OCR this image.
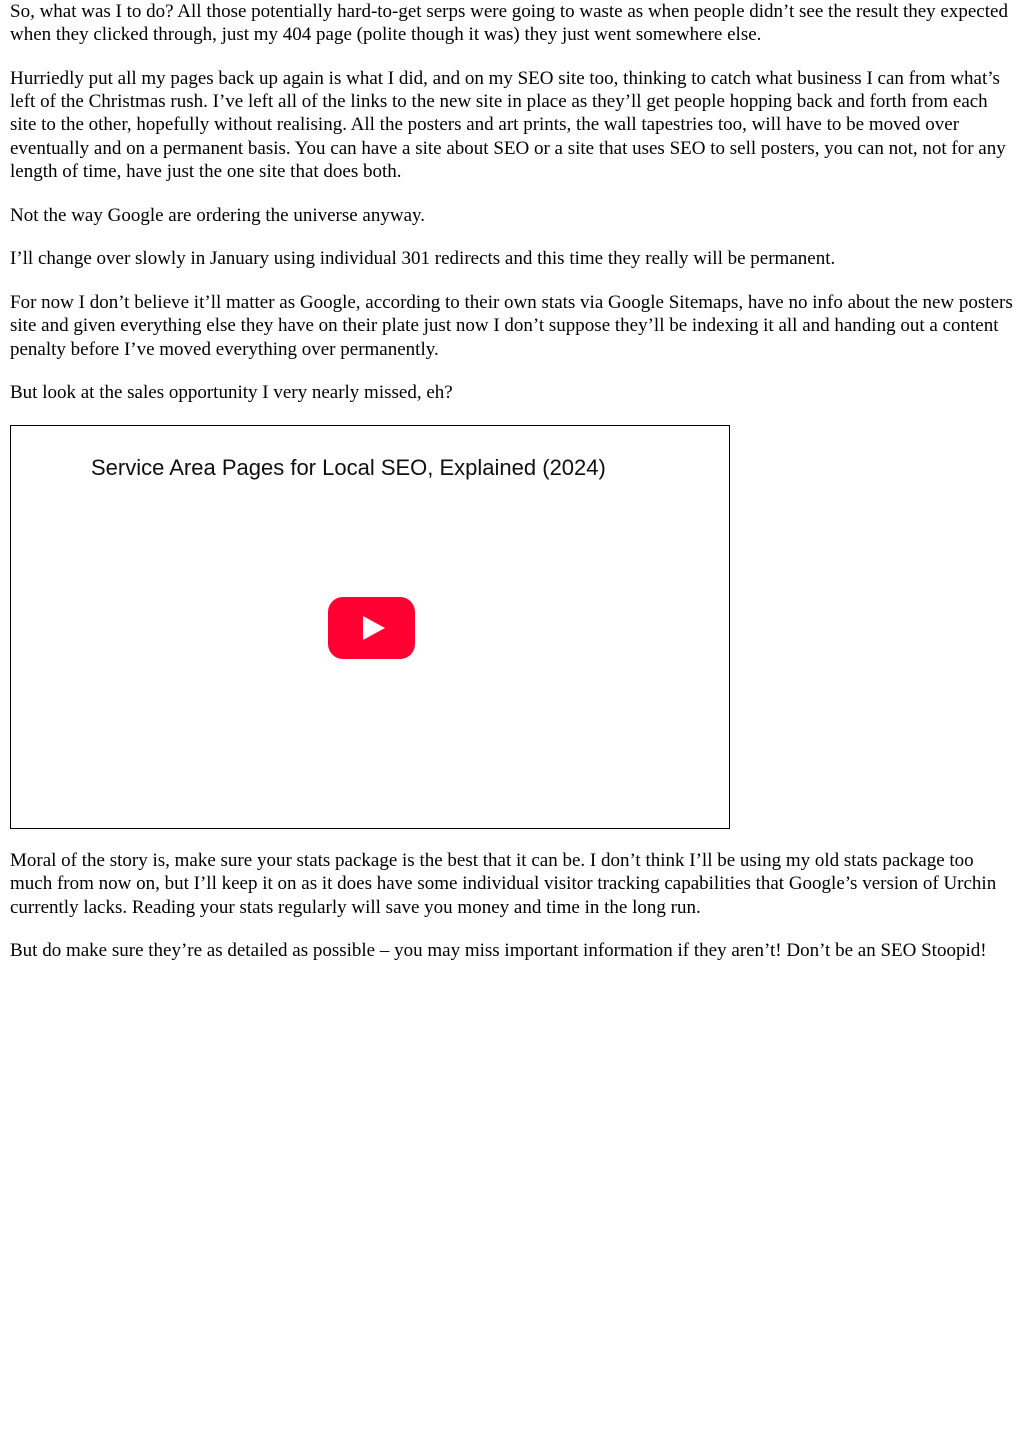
So, what was I to do? All those potentially hard-to-get serps were going to waste as when people didn’t see the result they expected when they clicked through, just my 404 page (polite though it was) they just went somewhere else.

Hurriedly put all my pages back up again is what I did, and on my SEO site too, thinking to catch what business I can from what’s left of the Christmas rush. I’ve left all of the links to the new site in place as they’ll get people hopping back and forth from each site to the other, hopefully without realising. All the posters and art prints, the wall tapestries too, will have to be moved over eventually and on a permanent basis. You can have a site about SEO or a site that uses SEO to sell posters, you can not, not for any length of time, have just the one site that does both.

Not the way Google are ordering the universe anyway.

I’ll change over slowly in January using individual 301 redirects and this time they really will be permanent.

For now I don’t believe it’ll matter as Google, according to their own stats via Google Sitemaps, have no info about the new posters site and given everything else they have on their plate just now I don’t suppose they’ll be indexing it all and handing out a content penalty before I’ve moved everything over permanently.

But look at the sales opportunity I very nearly missed, eh?

Service Area Pages for Local SEO, Explained (2024)

Moral of the story is, make sure your stats package is the best that it can be. I don’t think I’ll be using my old stats package too much from now on, but I’ll keep it on as it does have some individual visitor tracking capabilities that Google’s version of Urchin currently lacks. Reading your stats regularly will save you money and time in the long run.

But do make sure they’re as detailed as possible – you may miss important information if they aren’t! Don’t be an SEO Stoopid!
